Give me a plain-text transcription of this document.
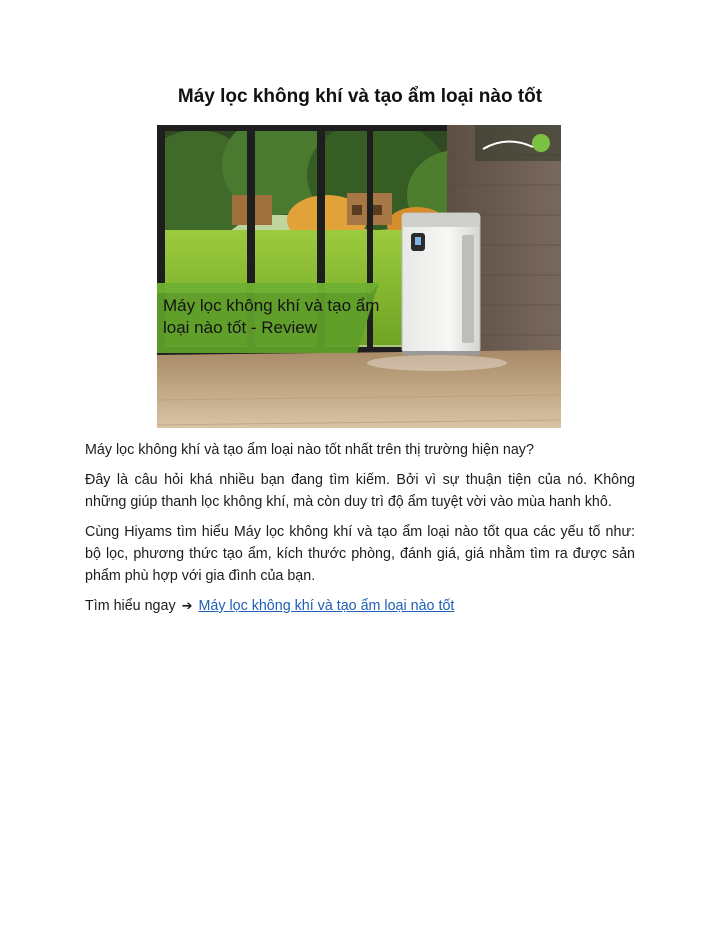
Máy lọc không khí và tạo ẩm loại nào tốt
Máy lọc không khí và tạo ẩm
loại nào tốt - Review

Máy lọc không khí và tạo ẩm loại nào tốt nhất trên thị trường hiện nay?

Đây là câu hỏi khá nhiều bạn đang tìm kiếm. Bởi vì sự thuận tiện của nó. Không những giúp thanh lọc không khí, mà còn duy trì độ ẩm tuyệt vời vào mùa hanh khô.

Cùng Hiyams tìm hiểu Máy lọc không khí và tạo ẩm loại nào tốt qua các yếu tố như: bộ lọc, phương thức tạo ẩm, kích thước phòng, đánh giá, giá nhằm tìm ra được sản phẩm phù hợp với gia đình của bạn.

Tìm hiểu ngay ➔ Máy lọc không khí và tạo ẩm loại nào tốt
